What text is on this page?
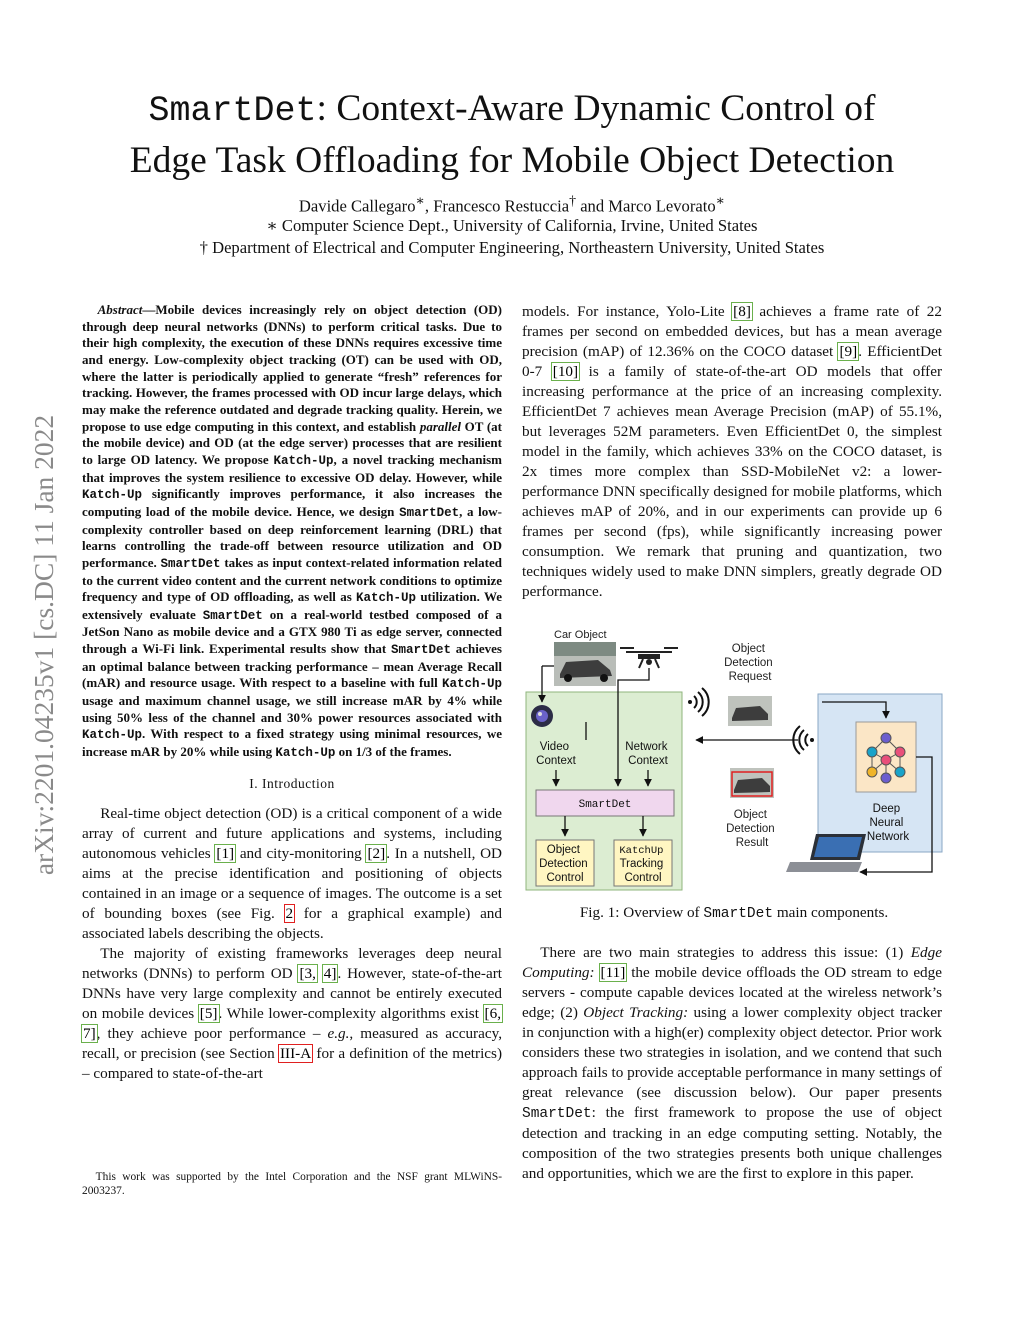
arXiv:2201.04235v1 [cs.DC] 11 Jan 2022
SmartDet: Context-Aware Dynamic Control of
Edge Task Offloading for Mobile Object Detection
Davide Callegaro∗, Francesco Restuccia† and Marco Levorato∗
∗ Computer Science Dept., University of California, Irvine, United States
† Department of Electrical and Computer Engineering, Northeastern University, United States

Abstract—Mobile devices increasingly rely on object detection (OD) through deep neural networks (DNNs) to perform critical tasks. Due to their high complexity, the execution of these DNNs requires excessive time and energy. Low-complexity object tracking (OT) can be used with OD, where the latter is periodically applied to generate “fresh” references for tracking. However, the frames processed with OD incur large delays, which may make the reference outdated and degrade tracking quality. Herein, we propose to use edge computing in this context, and establish parallel OT (at the mobile device) and OD (at the edge server) processes that are resilient to large OD latency. We propose Katch-Up, a novel tracking mechanism that improves the system resilience to excessive OD delay. However, while Katch-Up significantly improves performance, it also increases the computing load of the mobile device. Hence, we design SmartDet, a low-complexity controller based on deep reinforcement learning (DRL) that learns controlling the trade-off between resource utilization and OD performance. SmartDet takes as input context-related information related to the current video content and the current network conditions to optimize frequency and type of OD offloading, as well as Katch-Up utilization. We extensively evaluate SmartDet on a real-world testbed composed of a JetSon Nano as mobile device and a GTX 980 Ti as edge server, connected through a Wi-Fi link. Experimental results show that SmartDet achieves an optimal balance between tracking performance – mean Average Recall (mAR) and resource usage. With respect to a baseline with full Katch-Up usage and maximum channel usage, we still increase mAR by 4% while using 50% less of the channel and 30% power resources associated with Katch-Up. With respect to a fixed strategy using minimal resources, we increase mAR by 20% while using Katch-Up on 1/3 of the frames.

I. Introduction

Real-time object detection (OD) is a critical component of a wide array of current and future applications and systems, including autonomous vehicles [1] and city-monitoring [2]. In a nutshell, OD aims at the precise identification and positioning of objects contained in an image or a sequence of images. The outcome is a set of bounding boxes (see Fig. 2 for a graphical example) and associated labels describing the objects.

The majority of existing frameworks leverages deep neural networks (DNNs) to perform OD [3, 4]. However, state-of-the-art DNNs have very large complexity and cannot be entirely executed on mobile devices [5]. While lower-complexity algorithms exist [6, 7], they achieve poor performance – e.g., measured as accuracy, recall, or precision (see Section III-A for a definition of the metrics) – compared to state-of-the-art

This work was supported by the Intel Corporation and the NSF grant MLWiNS-2003237.

models. For instance, Yolo-Lite [8] achieves a frame rate of 22 frames per second on embedded devices, but has a mean average precision (mAP) of 12.36% on the COCO dataset [9]. EfficientDet 0-7 [10] is a family of state-of-the-art OD models that offer increasing performance at the price of an increasing complexity. EfficientDet 7 achieves mean Average Precision (mAP) of 55.1%, but leverages 52M parameters. Even EfficientDet 0, the simplest model in the family, which achieves 33% on the COCO dataset, is 2x times more complex than SSD-MobileNet v2: a lower-performance DNN specifically designed for mobile platforms, which achieves mAP of 20%, and in our experiments can provide up 6 frames per second (fps), while significantly increasing power consumption. We remark that pruning and quantization, two techniques widely used to make DNN simplers, greatly degrade OD performance.

Car Object
Video Context
Network Context
SmartDet
Object Detection Control
KatchUp Tracking Control
Object Detection Request
Object Detection Result
Deep Neural Network
Fig. 1: Overview of SmartDet main components.

There are two main strategies to address this issue: (1) Edge Computing: [11] the mobile device offloads the OD stream to edge servers - compute capable devices located at the wireless network’s edge; (2) Object Tracking: using a lower complexity object tracker in conjunction with a high(er) complexity object detector. Prior work considers these two strategies in isolation, and we contend that such approach fails to provide acceptable performance in many settings of great relevance (see discussion below). Our paper presents SmartDet: the first framework to propose the use of object detection and tracking in an edge computing setting. Notably, the composition of the two strategies presents both unique challenges and opportunities, which we are the first to explore in this paper.
